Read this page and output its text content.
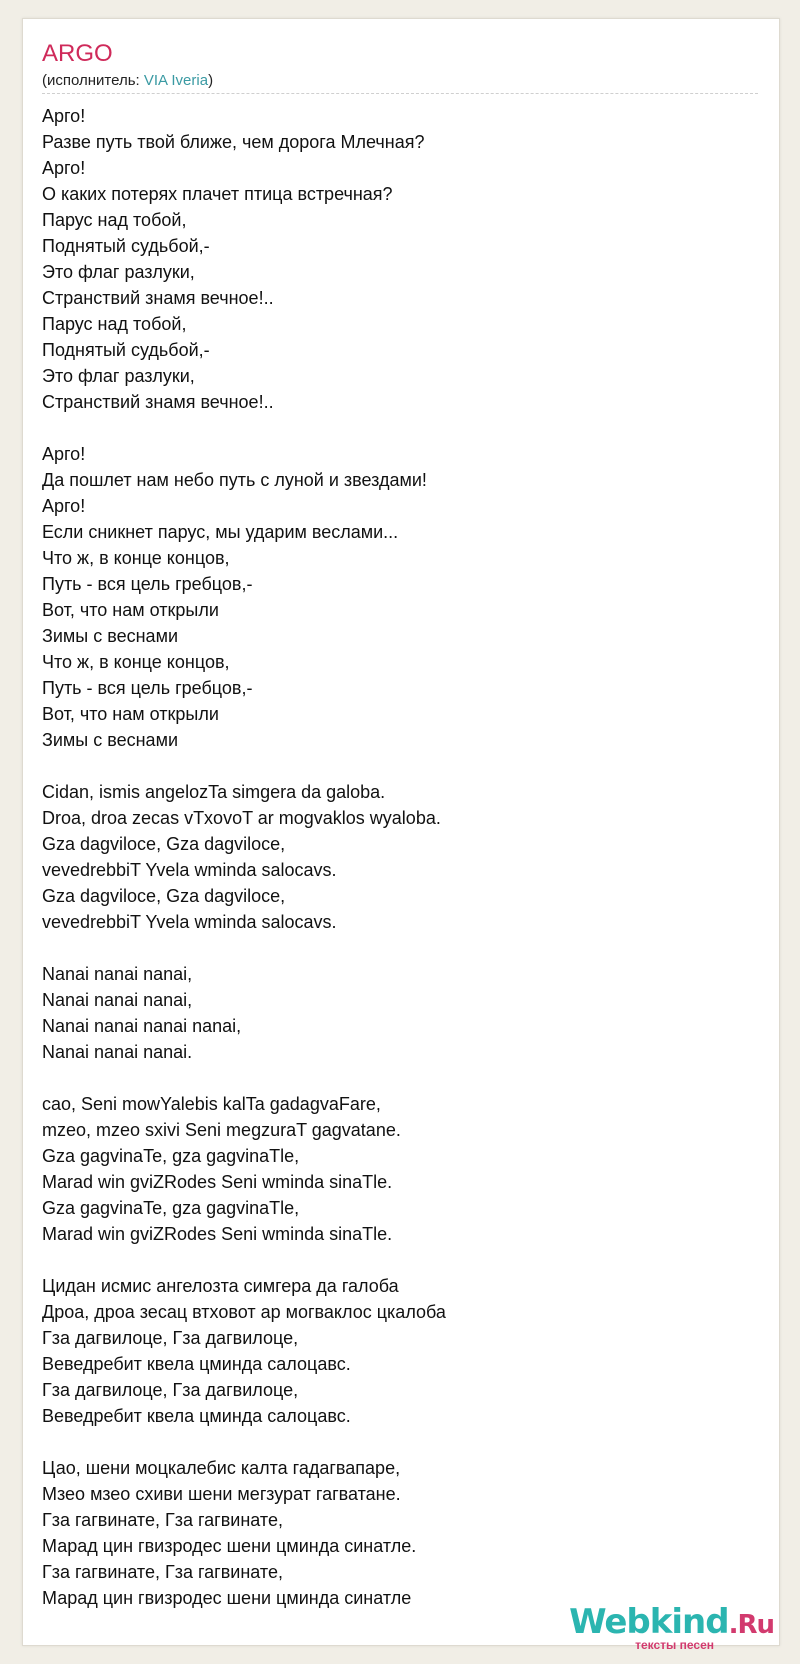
ARGO
(исполнитель: VIA Iveria)
Арго!
Разве путь твой ближе, чем дорога Млечная?
Арго!
О каких потерях плачет птица встречная?
Парус над тобой,
Поднятый судьбой,-
Это флаг разлуки,
Странствий знамя вечное!..
Парус над тобой,
Поднятый судьбой,-
Это флаг разлуки,
Странствий знамя вечное!..
Арго!
Да пошлет нам небо путь с луной и звездами!
Арго!
Если сникнет парус, мы ударим веслами...
Что ж, в конце концов,
Путь - вся цель гребцов,-
Вот, что нам открыли
Зимы с веснами
Что ж, в конце концов,
Путь - вся цель гребцов,-
Вот, что нам открыли
Зимы с веснами
Cidan, ismis angelozTa simgera da galoba.
Droa, droa zecas vTxovoT ar mogvaklos wyaloba.
Gza dagviloce, Gza dagviloce,
vevedrebbiT Yvela wminda salocavs.
Gza dagviloce, Gza dagviloce,
vevedrebbiT Yvela wminda salocavs.
Nanai nanai nanai,
Nanai nanai nanai,
Nanai nanai nanai nanai,
Nanai nanai nanai.
cao, Seni mowYalebis kalTa gadagvaFare,
mzeo, mzeo sxivi Seni megzuraT gagvatane.
Gza gagvinaTe, gza gagvinaTle,
Marad win gviZRodes Seni wminda sinaTle.
Gza gagvinaTe, gza gagvinaTle,
Marad win gviZRodes Seni wminda sinaTle.
Цидан исмис ангелозта симгера да галоба
Дроа, дроа зесац втховот ар могваклос цкалоба
Гза дагвилоце, Гза дагвилоце,
Веведребит квела цминда салоцавс.
Гза дагвилоце, Гза дагвилоце,
Веведребит квела цминда салоцавс.
Цао, шени моцкалебис калта гадагвапаре,
Мзео мзео схиви шени мегзурат гагватане.
Гза гагвинате, Гза гагвинате,
Марад цин гвизродес шени цминда синатле.
Гза гагвинате, Гза гагвинате,
Марад цин гвизродес шени цминда синатле
Webkind.Ru
тексты песен
